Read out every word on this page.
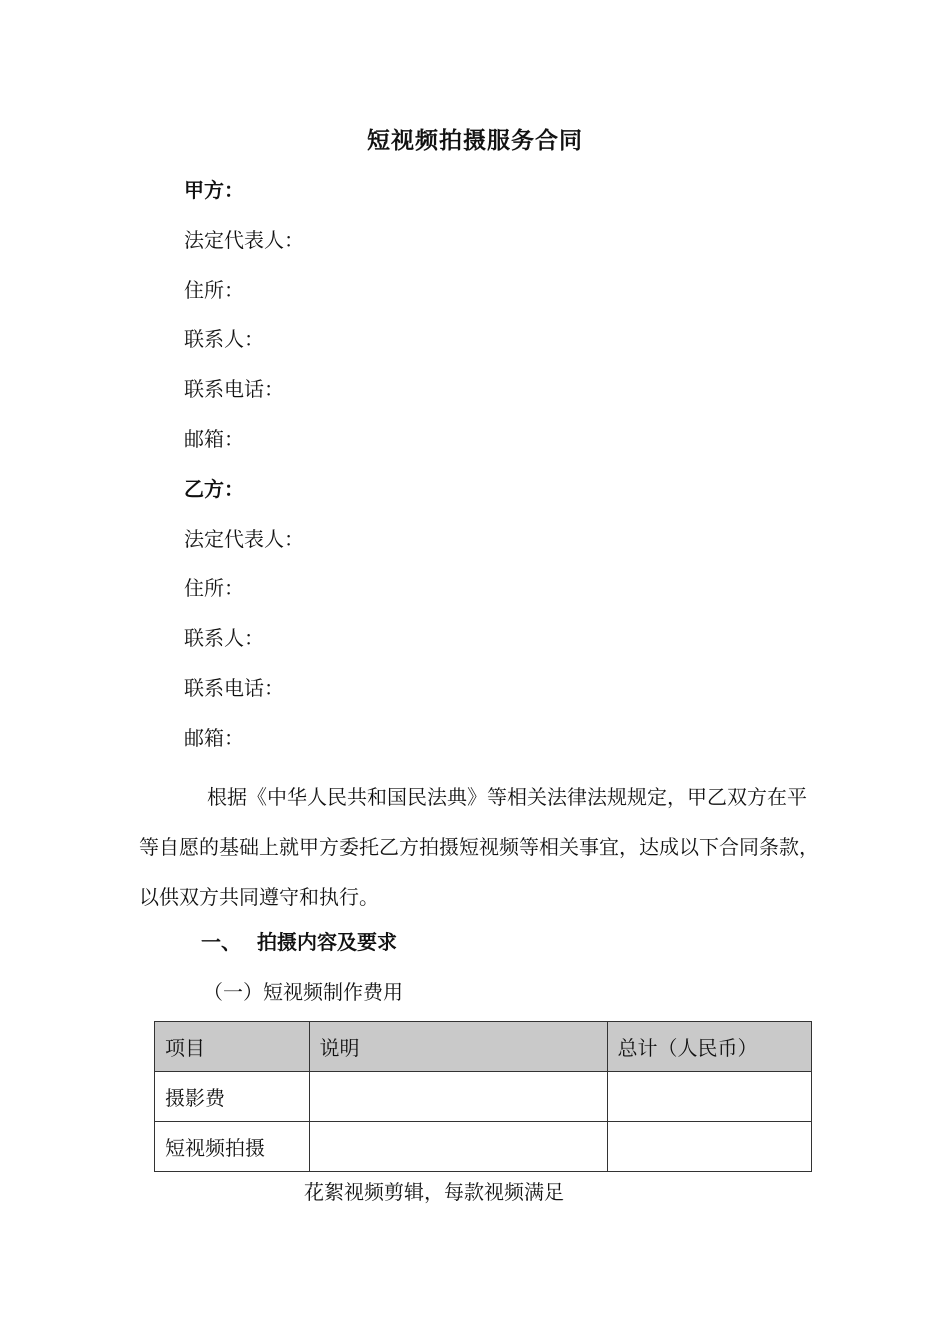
短视频拍摄服务合同
甲方：
法定代表人：
住所：
联系人：
联系电话：
邮箱：
乙方：
法定代表人：
住所：
联系人：
联系电话：
邮箱：

根据《中华人民共和国民法典》等相关法律法规规定，甲乙双方在平等自愿的基础上就甲方委托乙方拍摄短视频等相关事宜，达成以下合同条款，以供双方共同遵守和执行。

一、 拍摄内容及要求

（一）短视频制作费用

项目	说明	总计（人民币）
摄影费		
短视频拍摄		
花絮视频剪辑，每款视频满足
